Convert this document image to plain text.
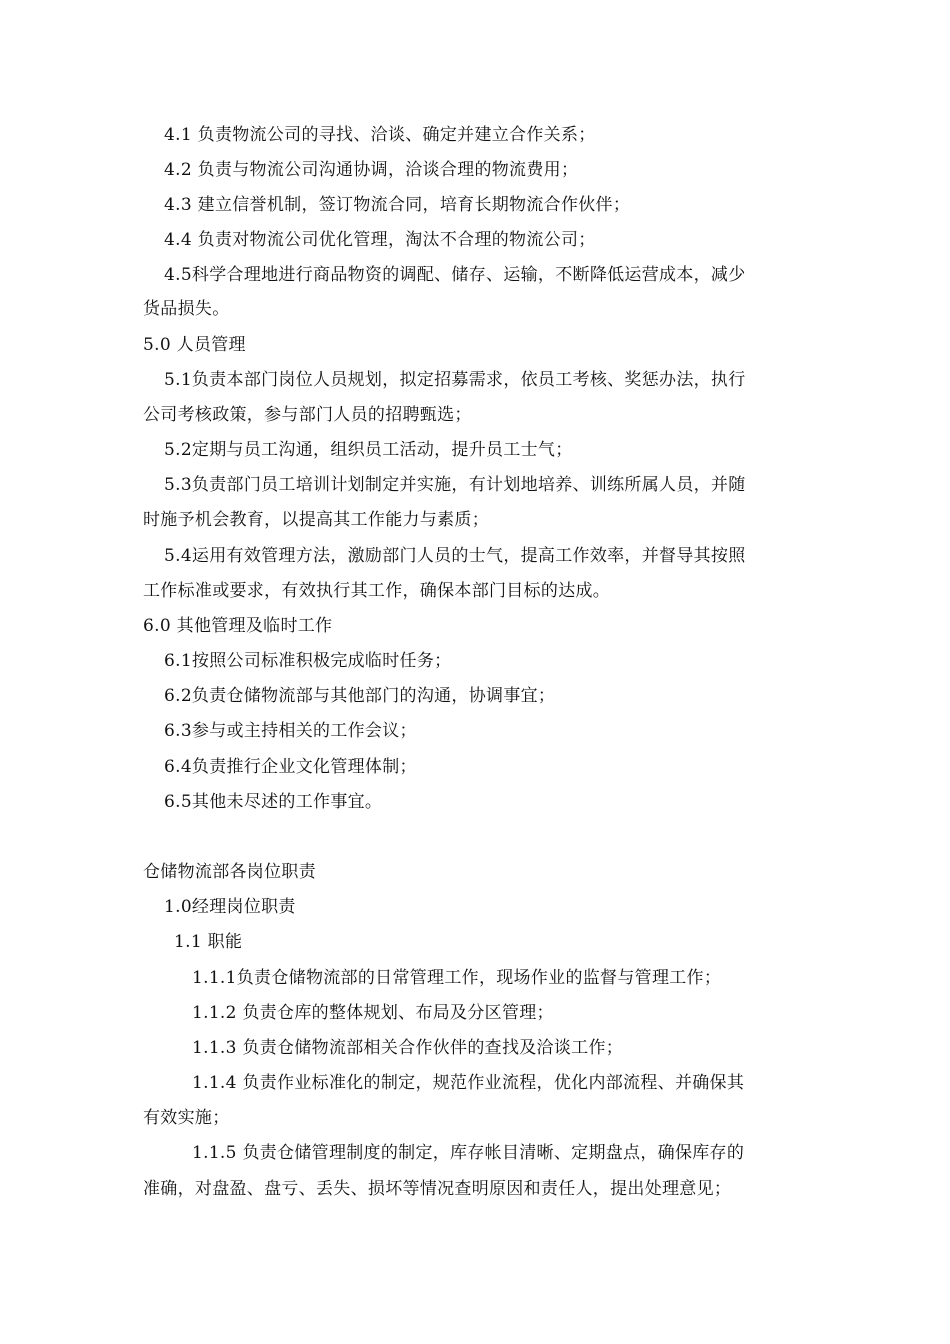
4.1 负责物流公司的寻找、洽谈、确定并建立合作关系；
4.2 负责与物流公司沟通协调，洽谈合理的物流费用；
4.3 建立信誉机制，签订物流合同，培育长期物流合作伙伴；
4.4 负责对物流公司优化管理，淘汰不合理的物流公司；
4.5科学合理地进行商品物资的调配、储存、运输，不断降低运营成本，减少
货品损失。
5.0 人员管理
5.1负责本部门岗位人员规划，拟定招募需求，依员工考核、奖惩办法，执行
公司考核政策，参与部门人员的招聘甄选；
5.2定期与员工沟通，组织员工活动，提升员工士气；
5.3负责部门员工培训计划制定并实施，有计划地培养、训练所属人员，并随
时施予机会教育，以提高其工作能力与素质；
5.4运用有效管理方法，激励部门人员的士气，提高工作效率，并督导其按照
工作标准或要求，有效执行其工作，确保本部门目标的达成。
6.0 其他管理及临时工作
6.1按照公司标准积极完成临时任务；
6.2负责仓储物流部与其他部门的沟通，协调事宜；
6.3参与或主持相关的工作会议；
6.4负责推行企业文化管理体制；
6.5其他未尽述的工作事宜。
仓储物流部各岗位职责
1.0经理岗位职责
1.1 职能
1.1.1负责仓储物流部的日常管理工作，现场作业的监督与管理工作；
1.1.2 负责仓库的整体规划、布局及分区管理；
1.1.3 负责仓储物流部相关合作伙伴的查找及洽谈工作；
1.1.4 负责作业标准化的制定，规范作业流程，优化内部流程、并确保其
有效实施；
1.1.5 负责仓储管理制度的制定，库存帐目清晰、定期盘点，确保库存的
准确，对盘盈、盘亏、丢失、损坏等情况查明原因和责任人，提出处理意见；
